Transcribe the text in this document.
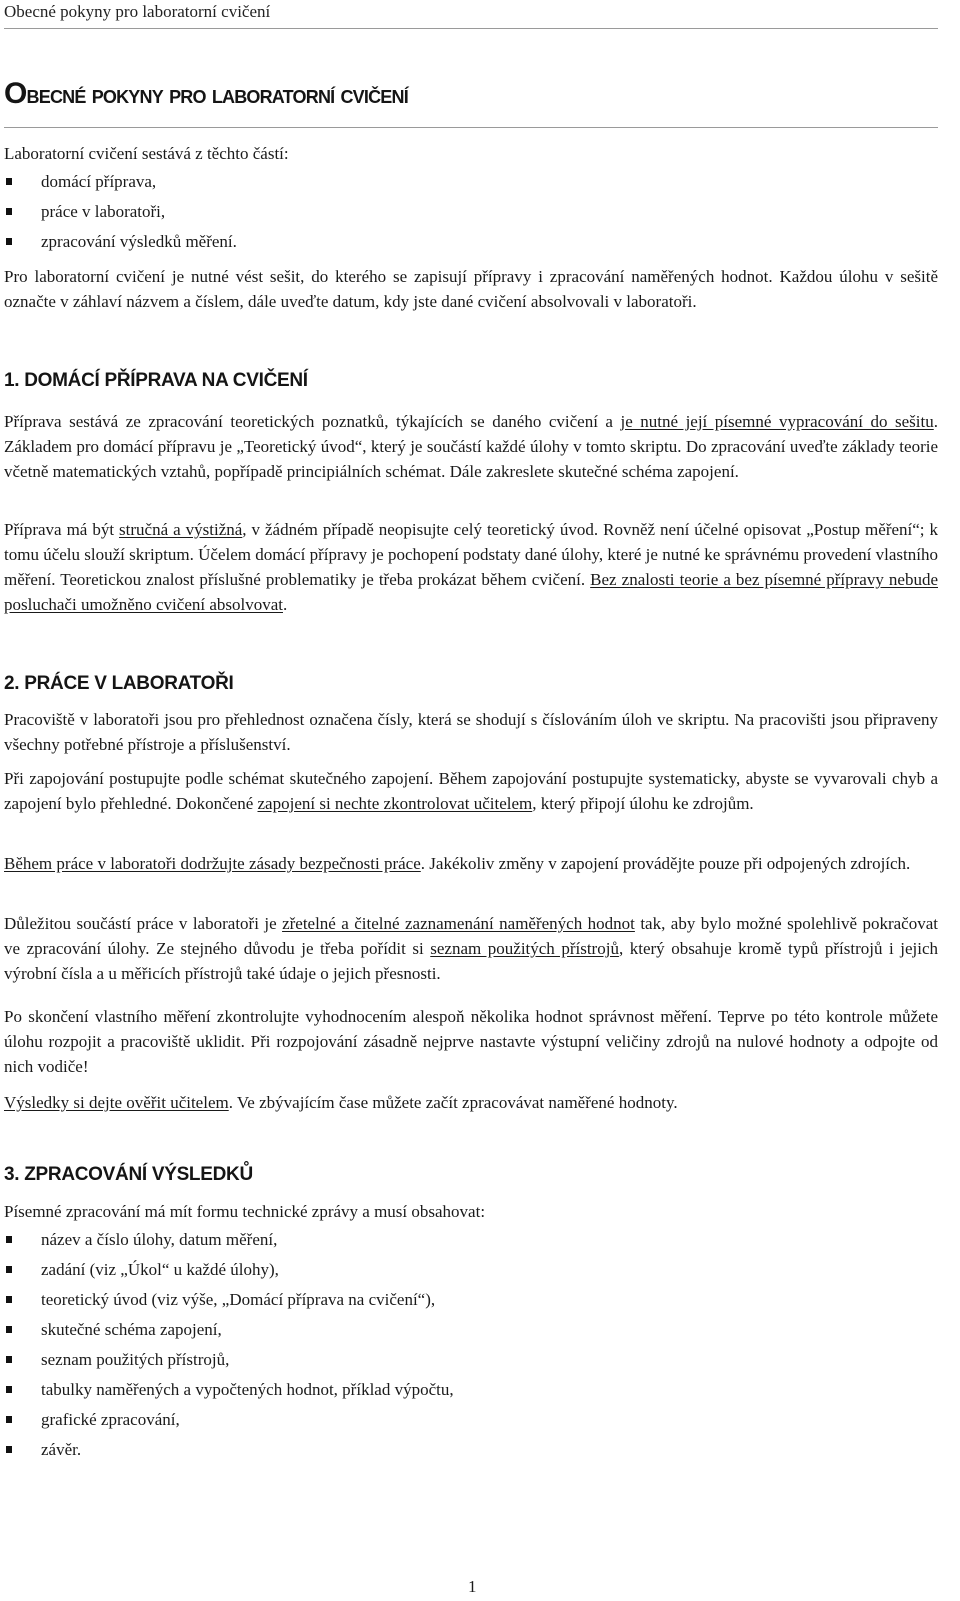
Obecné pokyny pro laboratorní cvičení
Obecné pokyny pro laboratorní cvičení
Laboratorní cvičení sestává z těchto částí:
domácí příprava,
práce v laboratoři,
zpracování výsledků měření.

Pro laboratorní cvičení je nutné vést sešit, do kterého se zapisují přípravy i zpracování naměřených hodnot. Každou úlohu v sešitě označte v záhlaví názvem a číslem, dále uveďte datum, kdy jste dané cvičení absolvovali v laboratoři.

1. DOMÁCÍ PŘÍPRAVA NA CVIČENÍ

Příprava sestává ze zpracování teoretických poznatků, týkajících se daného cvičení a je nutné její písemné vypracování do sešitu. Základem pro domácí přípravu je „Teoretický úvod“, který je součástí každé úlohy v tomto skriptu. Do zpracování uveďte základy teorie včetně matematických vztahů, popřípadě principiálních schémat. Dále zakreslete skutečné schéma zapojení.

Příprava má být stručná a výstižná, v žádném případě neopisujte celý teoretický úvod. Rovněž není účelné opisovat „Postup měření“; k tomu účelu slouží skriptum. Účelem domácí přípravy je pochopení podstaty dané úlohy, které je nutné ke správnému provedení vlastního měření. Teoretickou znalost příslušné problematiky je třeba prokázat během cvičení. Bez znalosti teorie a bez písemné přípravy nebude posluchači umožněno cvičení absolvovat.

2. PRÁCE V LABORATOŘI

Pracoviště v laboratoři jsou pro přehlednost označena čísly, která se shodují s číslováním úloh ve skriptu. Na pracovišti jsou připraveny všechny potřebné přístroje a příslušenství.

Při zapojování postupujte podle schémat skutečného zapojení. Během zapojování postupujte systematicky, abyste se vyvarovali chyb a zapojení bylo přehledné. Dokončené zapojení si nechte zkontrolovat učitelem, který připojí úlohu ke zdrojům.

Během práce v laboratoři dodržujte zásady bezpečnosti práce. Jakékoliv změny v zapojení provádějte pouze při odpojených zdrojích.

Důležitou součástí práce v laboratoři je zřetelné a čitelné zaznamenání naměřených hodnot tak, aby bylo možné spolehlivě pokračovat ve zpracování úlohy. Ze stejného důvodu je třeba pořídit si seznam použitých přístrojů, který obsahuje kromě typů přístrojů i jejich výrobní čísla a u měřicích přístrojů také údaje o jejich přesnosti.

Po skončení vlastního měření zkontrolujte vyhodnocením alespoň několika hodnot správnost měření. Teprve po této kontrole můžete úlohu rozpojit a pracoviště uklidit. Při rozpojování zásadně nejprve nastavte výstupní veličiny zdrojů na nulové hodnoty a odpojte od nich vodiče!

Výsledky si dejte ověřit učitelem. Ve zbývajícím čase můžete začít zpracovávat naměřené hodnoty.

3. ZPRACOVÁNÍ VÝSLEDKŮ
Písemné zpracování má mít formu technické zprávy a musí obsahovat:
název a číslo úlohy, datum měření,
zadání (viz „Úkol“ u každé úlohy),
teoretický úvod (viz výše, „Domácí příprava na cvičení“),
skutečné schéma zapojení,
seznam použitých přístrojů,
tabulky naměřených a vypočtených hodnot, příklad výpočtu,
grafické zpracování,
závěr.
1
